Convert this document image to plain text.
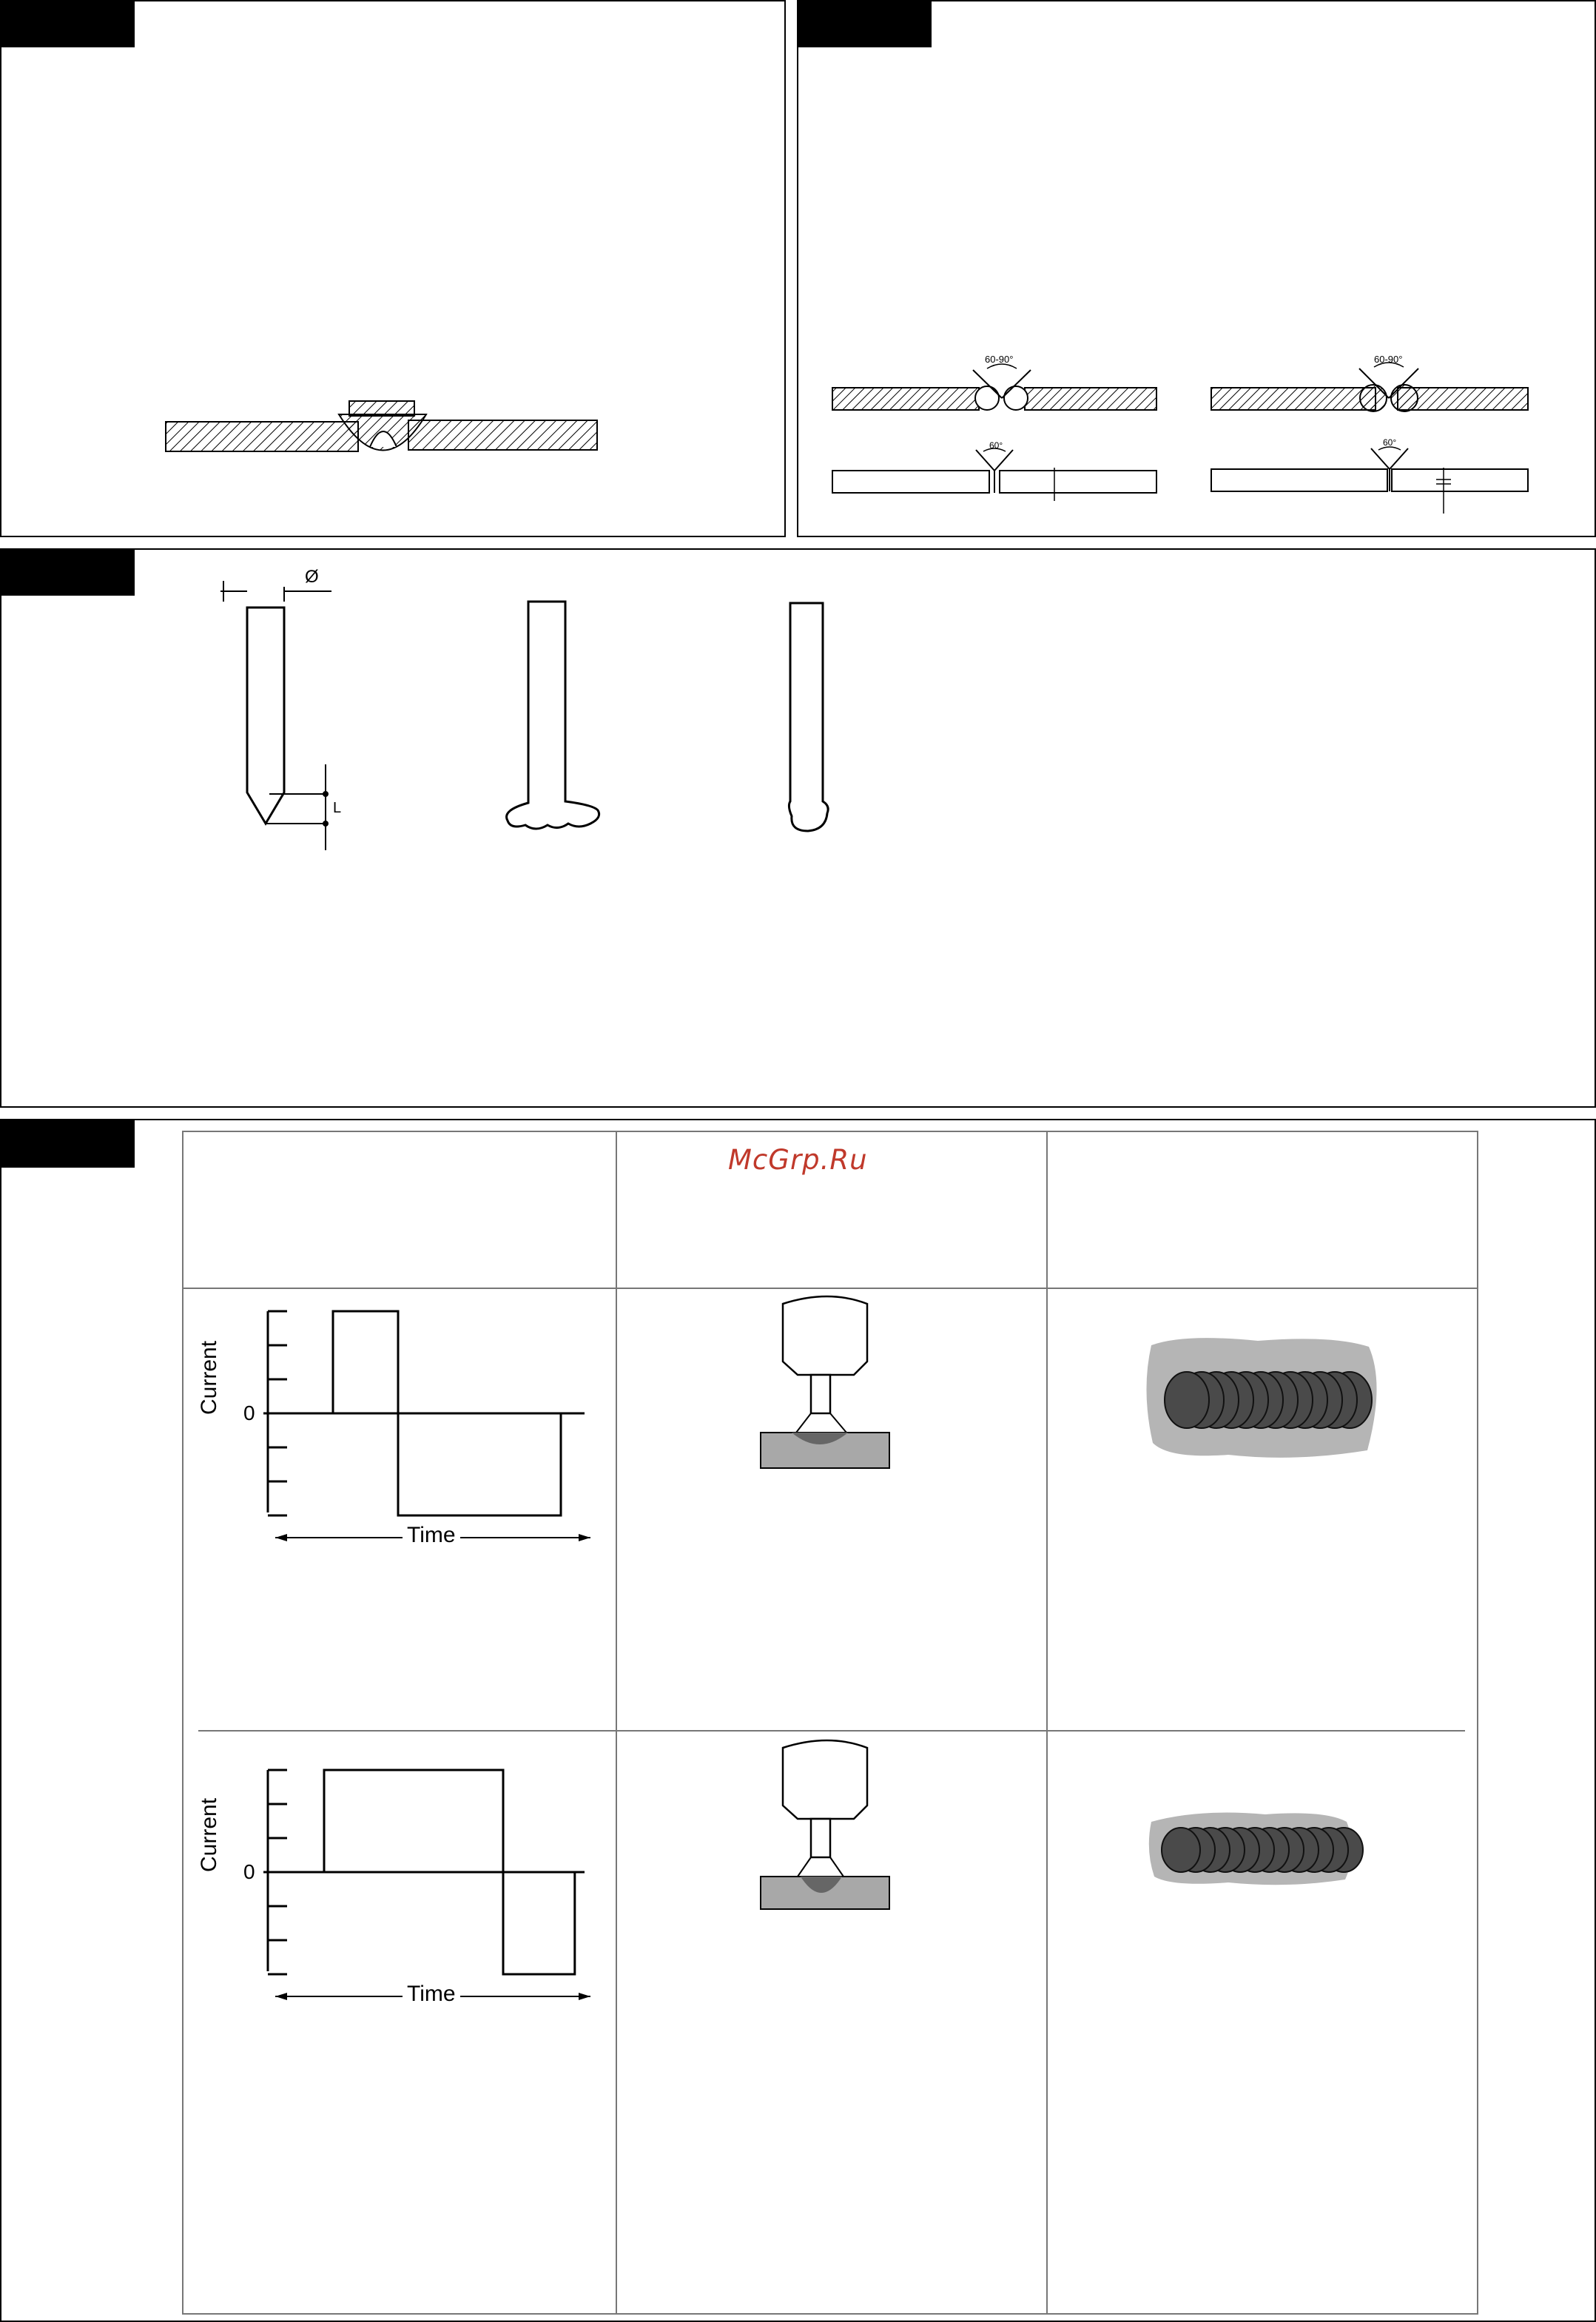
60-90°	60-90°
60°	60°
Ø
L
McGrp.Ru
Current 0
Time
Current 0
Time
